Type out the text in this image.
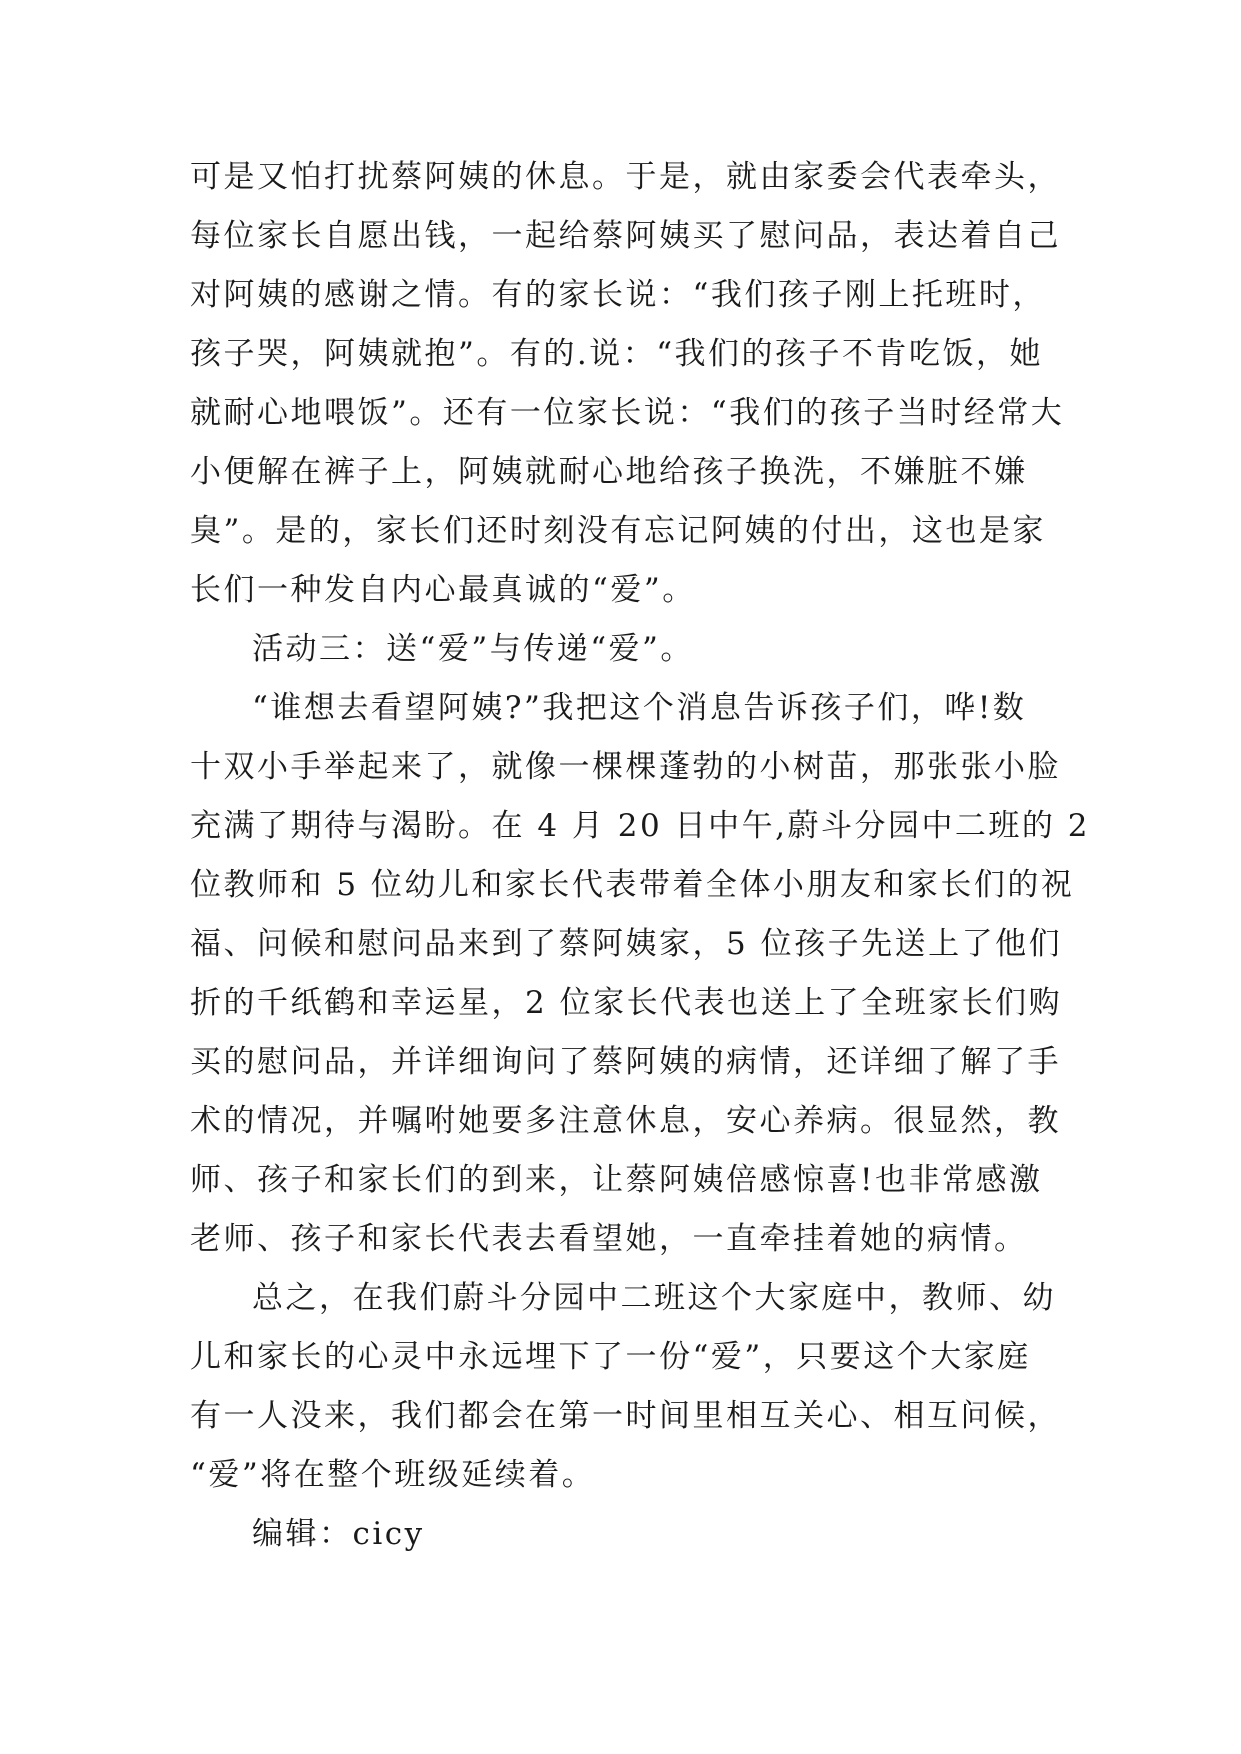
可是又怕打扰蔡阿姨的休息。于是，就由家委会代表牵头，
每位家长自愿出钱，一起给蔡阿姨买了慰问品，表达着自己
对阿姨的感谢之情。有的家长说：“我们孩子刚上托班时，
孩子哭，阿姨就抱”。有的.说：“我们的孩子不肯吃饭，她
就耐心地喂饭”。还有一位家长说：“我们的孩子当时经常大
小便解在裤子上，阿姨就耐心地给孩子换洗，不嫌脏不嫌
臭”。是的，家长们还时刻没有忘记阿姨的付出，这也是家
长们一种发自内心最真诚的“爱”。
活动三：送“爱”与传递“爱”。
“谁想去看望阿姨?”我把这个消息告诉孩子们，哗!数
十双小手举起来了，就像一棵棵蓬勃的小树苗，那张张小脸
充满了期待与渴盼。在 4 月 20 日中午,蔚斗分园中二班的 2
位教师和 5 位幼儿和家长代表带着全体小朋友和家长们的祝
福、问候和慰问品来到了蔡阿姨家，5 位孩子先送上了他们
折的千纸鹤和幸运星，2 位家长代表也送上了全班家长们购
买的慰问品，并详细询问了蔡阿姨的病情，还详细了解了手
术的情况，并嘱咐她要多注意休息，安心养病。很显然，教
师、孩子和家长们的到来，让蔡阿姨倍感惊喜!也非常感激
老师、孩子和家长代表去看望她，一直牵挂着她的病情。
总之，在我们蔚斗分园中二班这个大家庭中，教师、幼
儿和家长的心灵中永远埋下了一份“爱”，只要这个大家庭
有一人没来，我们都会在第一时间里相互关心、相互问候，
“爱”将在整个班级延续着。
编辑：cicy
